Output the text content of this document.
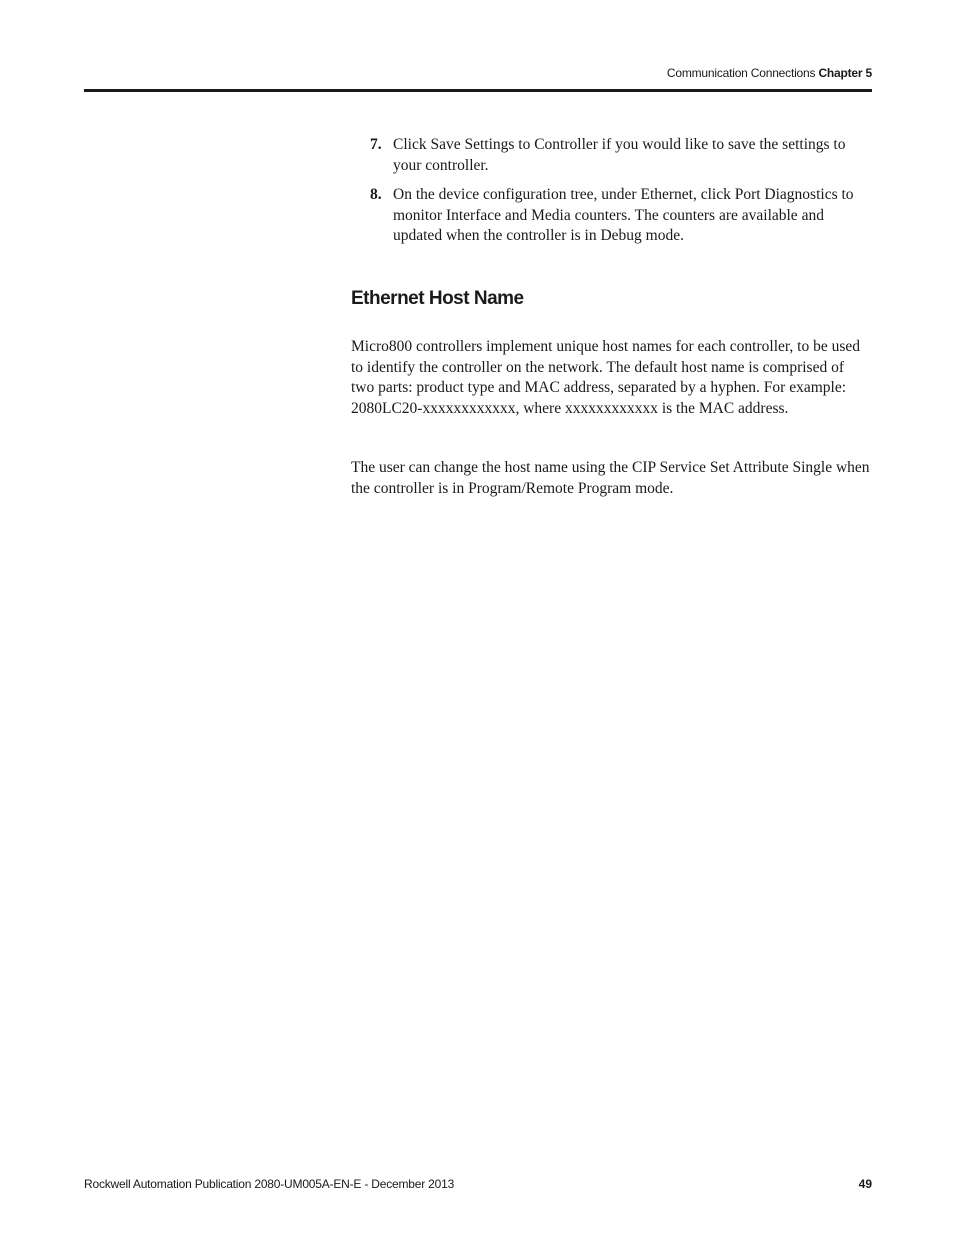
Communication Connections Chapter 5
7. Click Save Settings to Controller if you would like to save the settings to your controller.
8. On the device configuration tree, under Ethernet, click Port Diagnostics to monitor Interface and Media counters. The counters are available and updated when the controller is in Debug mode.
Ethernet Host Name

Micro800 controllers implement unique host names for each controller, to be used to identify the controller on the network. The default host name is comprised of two parts: product type and MAC address, separated by a hyphen. For example: 2080LC20-xxxxxxxxxxxx, where xxxxxxxxxxxx is the MAC address.

The user can change the host name using the CIP Service Set Attribute Single when the controller is in Program/Remote Program mode.

Rockwell Automation Publication 2080-UM005A-EN-E - December 2013	49
